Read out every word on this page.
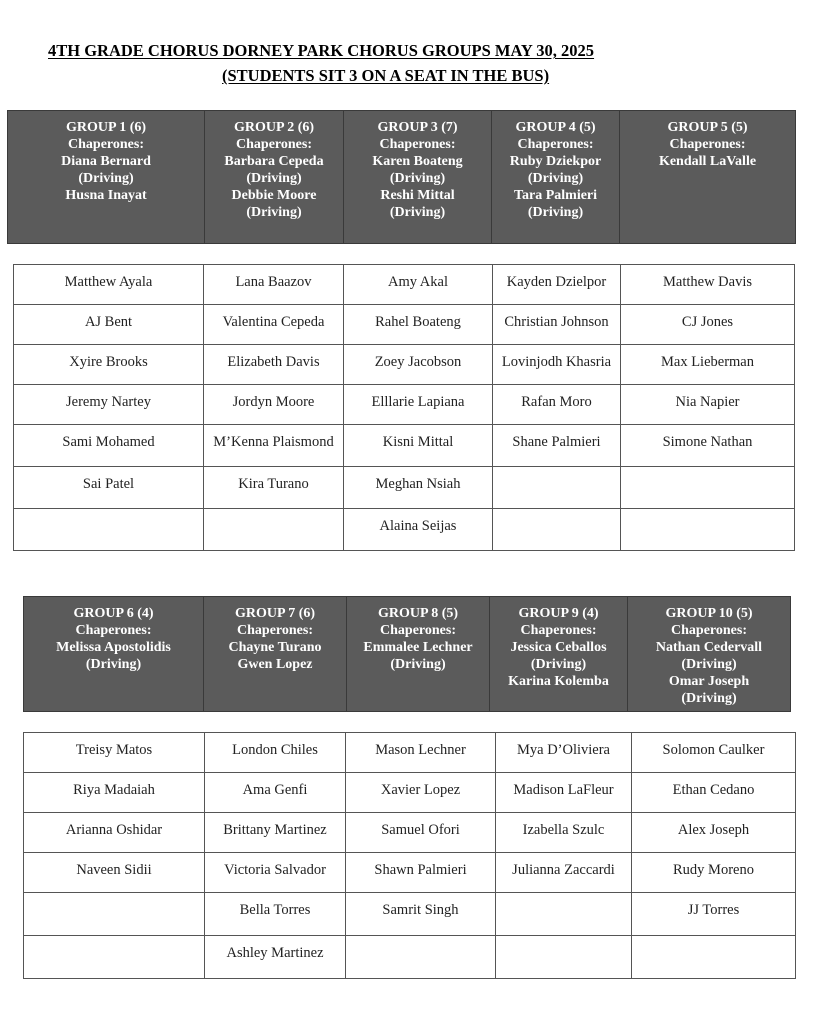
4TH GRADE CHORUS DORNEY PARK CHORUS GROUPS MAY 30, 2025
(STUDENTS SIT 3 ON A SEAT IN THE BUS)
GROUP 1 (6)
Chaperones:
Diana Bernard
(Driving)
Husna Inayat

GROUP 2 (6)
Chaperones:
Barbara Cepeda
(Driving)
Debbie Moore
(Driving)

GROUP 3 (7)
Chaperones:
Karen Boateng
(Driving)
Reshi Mittal
(Driving)

GROUP 4 (5)
Chaperones:
Ruby Dziekpor
(Driving)
Tara Palmieri
(Driving)

GROUP 5 (5)
Chaperones:
Kendall LaValle
Matthew Ayala	Lana Baazov	Amy Akal	Kayden Dzielpor	Matthew Davis
AJ Bent	Valentina Cepeda	Rahel Boateng	Christian Johnson	CJ Jones
Xyire Brooks	Elizabeth Davis	Zoey Jacobson	Lovinjodh Khasria	Max Lieberman
Jeremy Nartey	Jordyn Moore	Elllarie Lapiana	Rafan Moro	Nia Napier
Sami Mohamed	M’Kenna Plaismond	Kisni Mittal	Shane Palmieri	Simone Nathan
Sai Patel	Kira Turano	Meghan Nsiah		
		Alaina Seijas		
GROUP 6 (4)
Chaperones:
Melissa Apostolidis
(Driving)

GROUP 7 (6)
Chaperones:
Chayne Turano
Gwen Lopez

GROUP 8 (5)
Chaperones:
Emmalee Lechner
(Driving)

GROUP 9 (4)
Chaperones:
Jessica Ceballos
(Driving)
Karina Kolemba

GROUP 10 (5)
Chaperones:
Nathan Cedervall
(Driving)
Omar Joseph
(Driving)
Treisy Matos	London Chiles	Mason Lechner	Mya D’Oliviera	Solomon Caulker
Riya Madaiah	Ama Genfi	Xavier Lopez	Madison LaFleur	Ethan Cedano
Arianna Oshidar	Brittany Martinez	Samuel Ofori	Izabella Szulc	Alex Joseph
Naveen Sidii	Victoria Salvador	Shawn Palmieri	Julianna Zaccardi	Rudy Moreno
	Bella Torres	Samrit Singh		JJ Torres
	Ashley Martinez			
